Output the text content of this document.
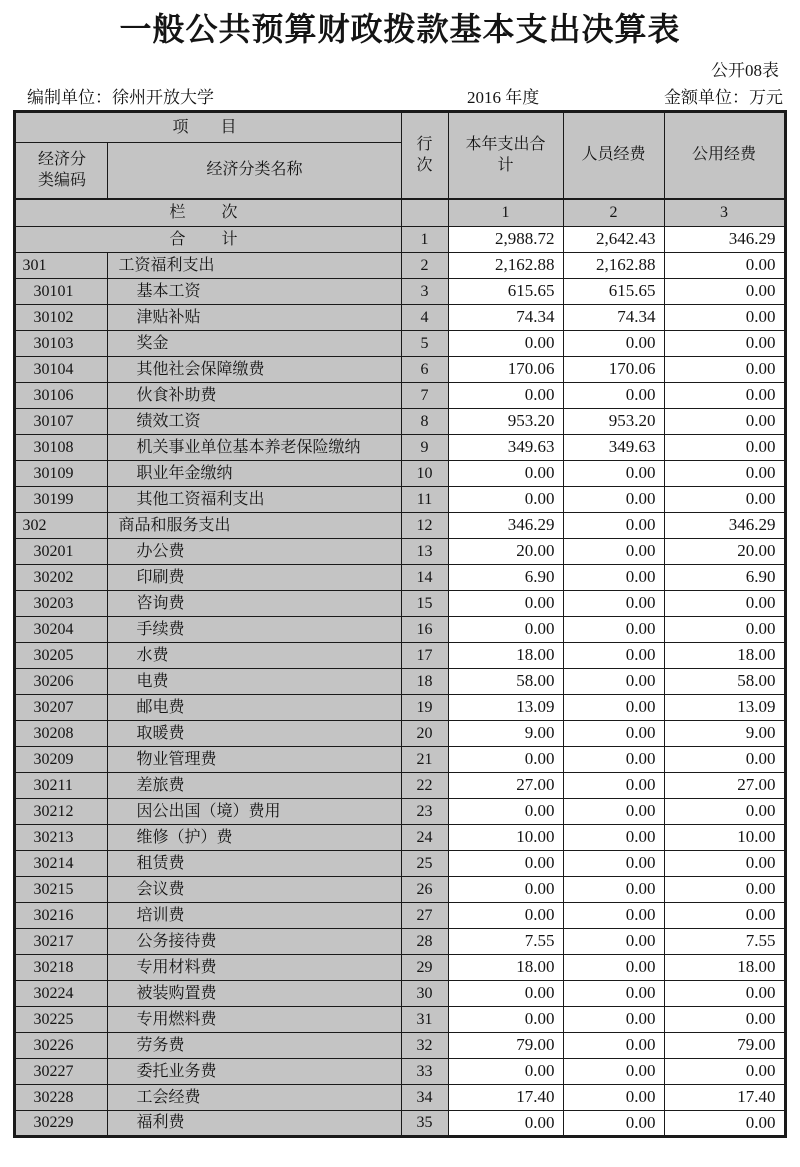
一般公共预算财政拨款基本支出决算表
公开08表
编制单位：徐州开放大学	2016 年度	金额单位：万元
项　目		行次	本年支出合计	人员经费	公用经费
经济分类编码	经济分类名称				
栏　次			1	2	3
合　计		1	2,988.72	2,642.43	346.29
301	工资福利支出	2	2,162.88	2,162.88	0.00
30101	基本工资	3	615.65	615.65	0.00
30102	津贴补贴	4	74.34	74.34	0.00
30103	奖金	5	0.00	0.00	0.00
30104	其他社会保障缴费	6	170.06	170.06	0.00
30106	伙食补助费	7	0.00	0.00	0.00
30107	绩效工资	8	953.20	953.20	0.00
30108	机关事业单位基本养老保险缴纳	9	349.63	349.63	0.00
30109	职业年金缴纳	10	0.00	0.00	0.00
30199	其他工资福利支出	11	0.00	0.00	0.00
302	商品和服务支出	12	346.29	0.00	346.29
30201	办公费	13	20.00	0.00	20.00
30202	印刷费	14	6.90	0.00	6.90
30203	咨询费	15	0.00	0.00	0.00
30204	手续费	16	0.00	0.00	0.00
30205	水费	17	18.00	0.00	18.00
30206	电费	18	58.00	0.00	58.00
30207	邮电费	19	13.09	0.00	13.09
30208	取暖费	20	9.00	0.00	9.00
30209	物业管理费	21	0.00	0.00	0.00
30211	差旅费	22	27.00	0.00	27.00
30212	因公出国（境）费用	23	0.00	0.00	0.00
30213	维修（护）费	24	10.00	0.00	10.00
30214	租赁费	25	0.00	0.00	0.00
30215	会议费	26	0.00	0.00	0.00
30216	培训费	27	0.00	0.00	0.00
30217	公务接待费	28	7.55	0.00	7.55
30218	专用材料费	29	18.00	0.00	18.00
30224	被装购置费	30	0.00	0.00	0.00
30225	专用燃料费	31	0.00	0.00	0.00
30226	劳务费	32	79.00	0.00	79.00
30227	委托业务费	33	0.00	0.00	0.00
30228	工会经费	34	17.40	0.00	17.40
30229	福利费	35	0.00	0.00	0.00
